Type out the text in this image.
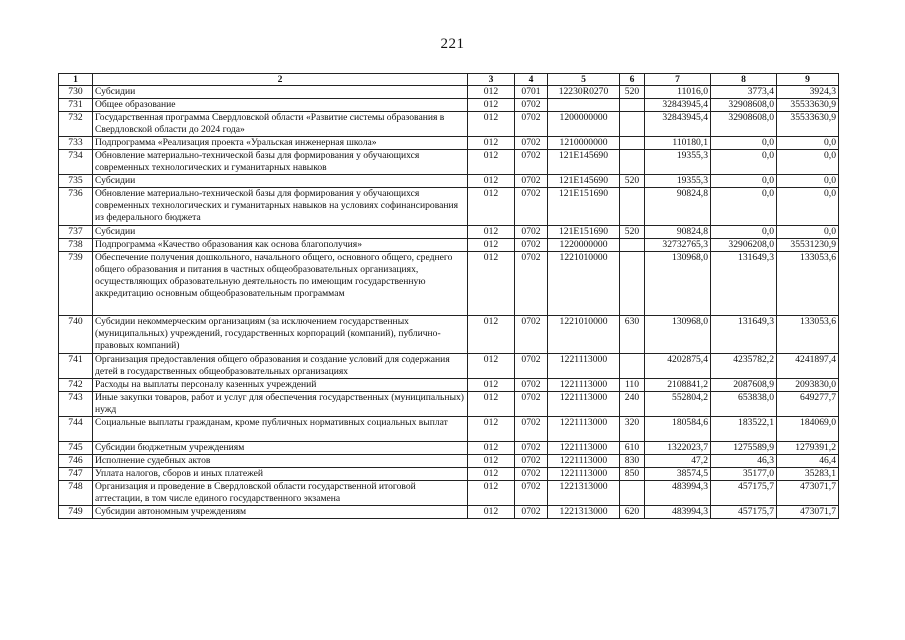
221
1	2	3	4	5	6	7	8	9
730	Субсидии	012	0701	12230R0270	520	11016,0	3773,4	3924,3
731	Общее образование	012	0702			32843945,4	32908608,0	35533630,9
732	Государственная программа Свердловской области «Развитие системы образования в Свердловской области до 2024 года»	012	0702	1200000000		32843945,4	32908608,0	35533630,9
733	Подпрограмма «Реализация проекта «Уральская инженерная школа»	012	0702	1210000000		110180,1	0,0	0,0
734	Обновление материально-технической базы для формирования у обучающихся современных технологических и гуманитарных навыков	012	0702	121E145690		19355,3	0,0	0,0
735	Субсидии	012	0702	121E145690	520	19355,3	0,0	0,0
736	Обновление материально-технической базы для формирования у обучающихся современных технологических и гуманитарных навыков на условиях софинансирования из федерального бюджета	012	0702	121E151690		90824,8	0,0	0,0
737	Субсидии	012	0702	121E151690	520	90824,8	0,0	0,0
738	Подпрограмма «Качество образования как основа благополучия»	012	0702	1220000000		32732765,3	32906208,0	35531230,9
739	Обеспечение получения дошкольного, начального общего, основного общего, среднего общего образования и питания в частных общеобразовательных организациях, осуществляющих образовательную деятельность по имеющим государственную аккредитацию основным общеобразовательным программам	012	0702	1221010000		130968,0	131649,3	133053,6
740	Субсидии некоммерческим организациям (за исключением государственных (муниципальных) учреждений, государственных корпораций (компаний), публично-правовых компаний)	012	0702	1221010000	630	130968,0	131649,3	133053,6
741	Организация предоставления общего образования и создание условий для содержания детей в государственных общеобразовательных организациях	012	0702	1221113000		4202875,4	4235782,2	4241897,4
742	Расходы на выплаты персоналу казенных учреждений	012	0702	1221113000	110	2108841,2	2087608,9	2093830,0
743	Иные закупки товаров, работ и услуг для обеспечения государственных (муниципальных) нужд	012	0702	1221113000	240	552804,2	653838,0	649277,7
744	Социальные выплаты гражданам, кроме публичных нормативных социальных выплат	012	0702	1221113000	320	180584,6	183522,1	184069,0
745	Субсидии бюджетным учреждениям	012	0702	1221113000	610	1322023,7	1275589,9	1279391,2
746	Исполнение судебных актов	012	0702	1221113000	830	47,2	46,3	46,4
747	Уплата налогов, сборов и иных платежей	012	0702	1221113000	850	38574,5	35177,0	35283,1
748	Организация и проведение в Свердловской области государственной итоговой аттестации, в том числе единого государственного экзамена	012	0702	1221313000		483994,3	457175,7	473071,7
749	Субсидии автономным учреждениям	012	0702	1221313000	620	483994,3	457175,7	473071,7
